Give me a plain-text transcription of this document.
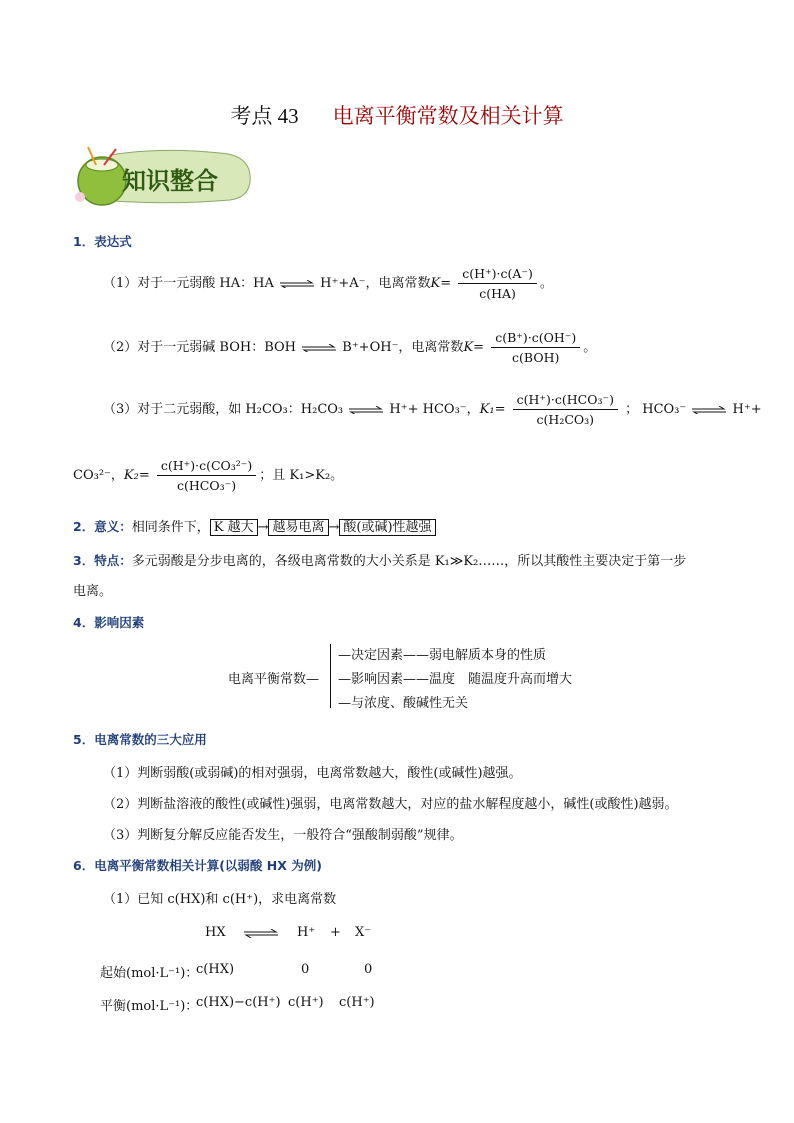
考点 43 电离平衡常数及相关计算
知识整合
1．表达式
（1）对于一元弱酸 HA：HA ⇌ H⁺+A⁻，电离常数$K= \frac{c(H^+)\cdot c(A^-)}{c(HA)}$ 。
（2）对于一元弱碱 BOH：BOH ⇌ B⁺+OH⁻，电离常数$K= \frac{c(B^+)\cdot c(OH^-)}{\text{c(BOH)}}$ 。
（3）对于二元弱酸，如 H₂CO₃：H₂CO₃ ⇌ H⁺+ HCO₃⁻，$K_1= \frac{\text{c(H⁺)·c(HCO₃⁻)}}{\text{c(H₂CO₃)}}$ ； HCO₃⁻ ⇌ H⁺+
CO₃²⁻，$K_2= \frac{\text{c(H⁺)·c(CO₃²⁻)}}{\text{c(HCO₃⁻)}}$ ；且 K₁>K₂。
2．意义：相同条件下， K 越大 → 越易电离 → 酸(或碱)性越强
3．特点：多元弱酸是分步电离的，各级电离常数的大小关系是 K₁≫K₂……，所以其酸性主要决定于第一步
电离。
4．影响因素
电离平衡常数—
—决定因素——弱电解质本身的性质
—影响因素——温度　随温度升高而增大
—与浓度、酸碱性无关
5．电离常数的三大应用
（1）判断弱酸(或弱碱)的相对强弱，电离常数越大，酸性(或碱性)越强。
（2）判断盐溶液的酸性(或碱性)强弱，电离常数越大，对应的盐水解程度越小，碱性(或酸性)越弱。
（3）判断复分解反应能否发生，一般符合“强酸制弱酸”规律。
6．电离平衡常数相关计算(以弱酸 HX 为例)
（1）已知 c(HX)和 c(H⁺)，求电离常数
HX ⇌ H⁺ + X⁻
起始(mol·L⁻¹)：
c(HX)	0	0
平衡(mol·L⁻¹)：
c(HX)−c(H⁺) c(H⁺) c(H⁺)
